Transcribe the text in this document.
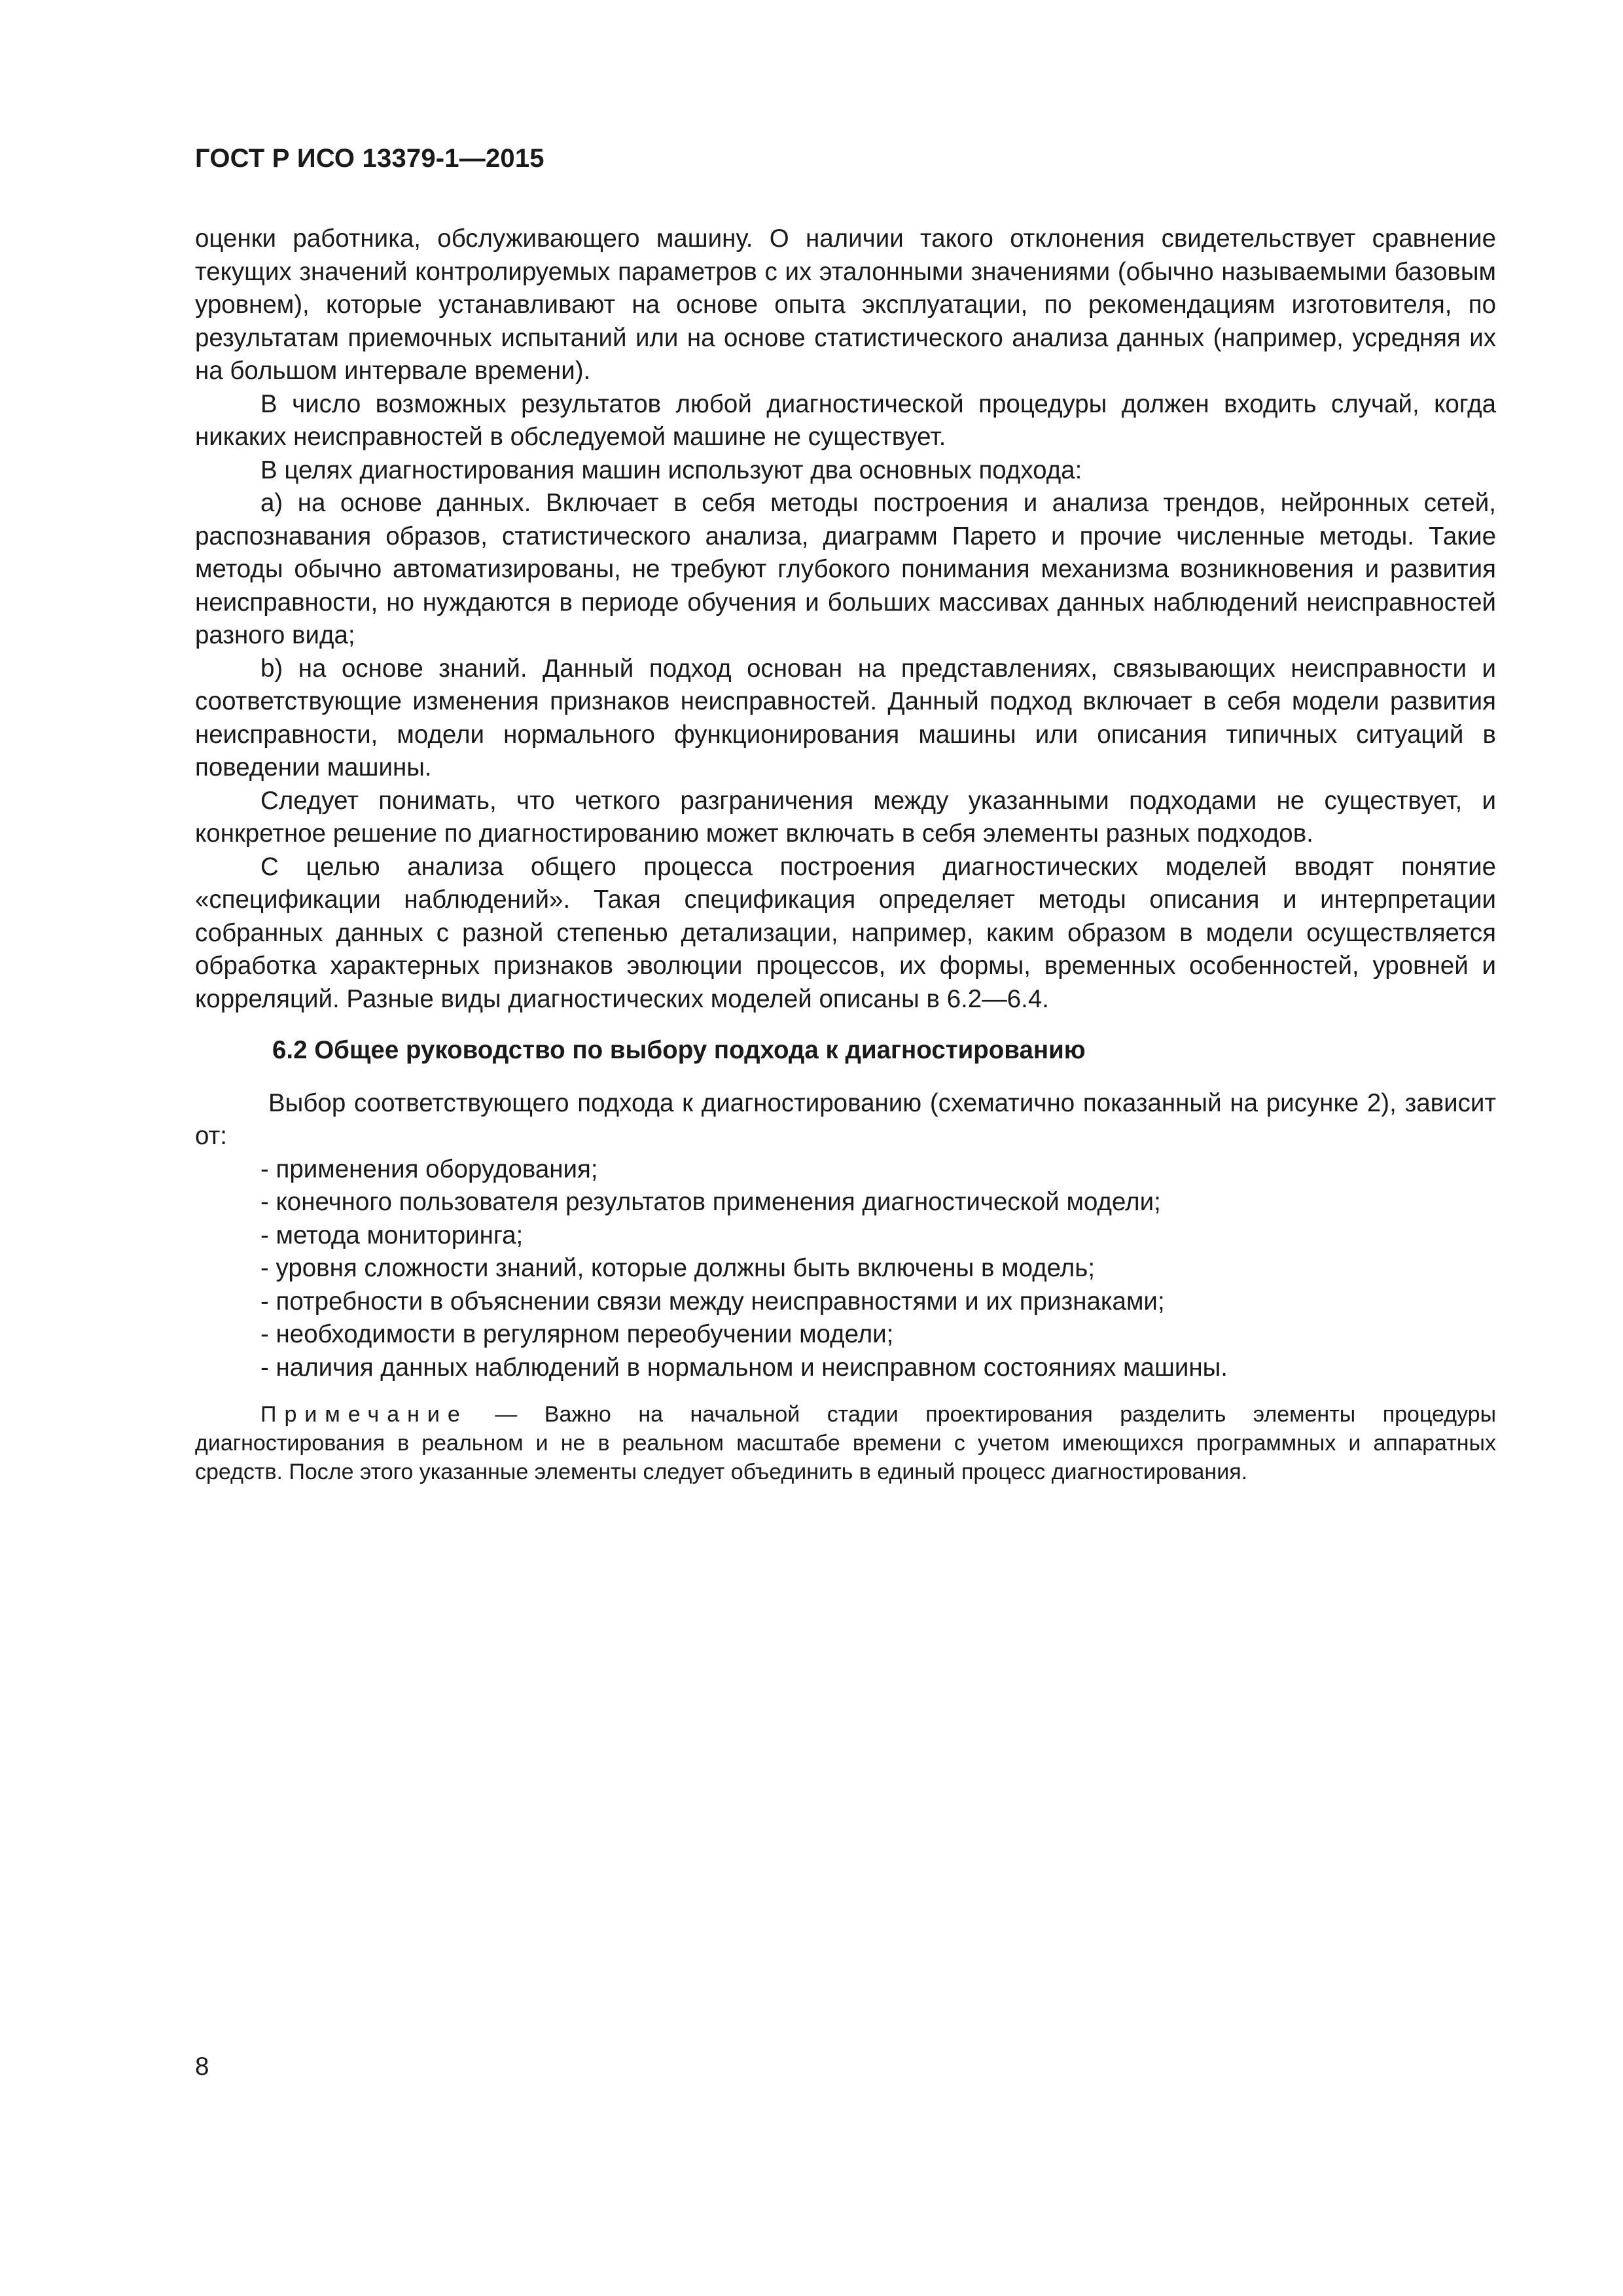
ГОСТ Р ИСО 13379-1—2015

оценки работника, обслуживающего машину. О наличии такого отклонения свидетельствует сравнение текущих значений контролируемых параметров с их эталонными значениями (обычно называемыми базовым уровнем), которые устанавливают на основе опыта эксплуатации, по рекомендациям изготовителя, по результатам приемочных испытаний или на основе статистического анализа данных (например, усредняя их на большом интервале времени).

В число возможных результатов любой диагностической процедуры должен входить случай, когда никаких неисправностей в обследуемой машине не существует.

В целях диагностирования машин используют два основных подхода:

a) на основе данных. Включает в себя методы построения и анализа трендов, нейронных сетей, распознавания образов, статистического анализа, диаграмм Парето и прочие численные методы. Такие методы обычно автоматизированы, не требуют глубокого понимания механизма возникновения и развития неисправности, но нуждаются в периоде обучения и больших массивах данных наблюдений неисправностей разного вида;

b) на основе знаний. Данный подход основан на представлениях, связывающих неисправности и соответствующие изменения признаков неисправностей. Данный подход включает в себя модели развития неисправности, модели нормального функционирования машины или описания типичных ситуаций в поведении машины.

Следует понимать, что четкого разграничения между указанными подходами не существует, и конкретное решение по диагностированию может включать в себя элементы разных подходов.

С целью анализа общего процесса построения диагностических моделей вводят понятие «спецификации наблюдений». Такая спецификация определяет методы описания и интерпретации собранных данных с разной степенью детализации, например, каким образом в модели осуществляется обработка характерных признаков эволюции процессов, их формы, временных особенностей, уровней и корреляций. Разные виды диагностических моделей описаны в 6.2—6.4.

6.2 Общее руководство по выбору подхода к диагностированию

Выбор соответствующего подхода к диагностированию (схематично показанный на рисунке 2), зависит от:

- применения оборудования;
- конечного пользователя результатов применения диагностической модели;
- метода мониторинга;
- уровня сложности знаний, которые должны быть включены в модель;
- потребности в объяснении связи между неисправностями и их признаками;
- необходимости в регулярном переобучении модели;
- наличия данных наблюдений в нормальном и неисправном состояниях машины.

Примечание — Важно на начальной стадии проектирования разделить элементы процедуры диагностирования в реальном и не в реальном масштабе времени с учетом имеющихся программных и аппаратных средств. После этого указанные элементы следует объединить в единый процесс диагностирования.

8
